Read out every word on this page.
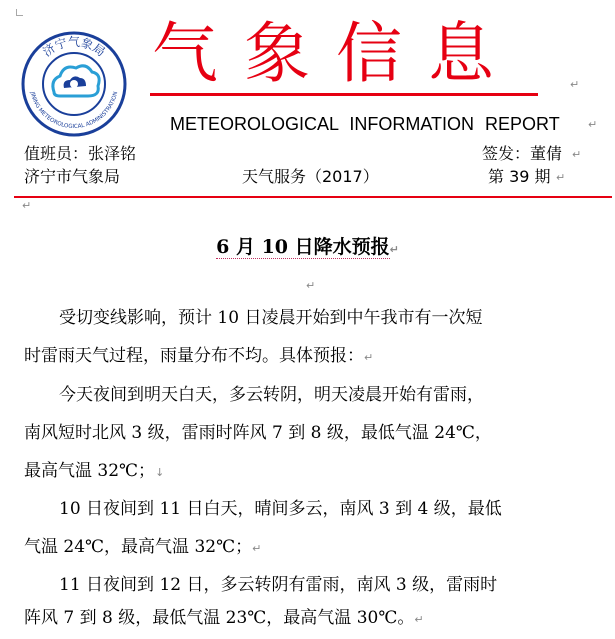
济宁气象局
JINING METEOROLOGICAL ADMINISTRATION
气象信息	↵
METEOROLOGICAL INFORMATION REPORT	↵
值班员：张泽铭	签发：董倩 ↵
济宁市气象局	天气服务（2017）	第 39 期 ↵
↵
6 月 10 日降水预报↵
↵
受切变线影响，预计 10 日凌晨开始到中午我市有一次短
时雷雨天气过程，雨量分布不均。具体预报：↵
今天夜间到明天白天，多云转阴，明天凌晨开始有雷雨，
南风短时北风 3 级，雷雨时阵风 7 到 8 级，最低气温 24℃，
最高气温 32℃；↓
10 日夜间到 11 日白天，晴间多云，南风 3 到 4 级，最低
气温 24℃，最高气温 32℃；↵
11 日夜间到 12 日，多云转阴有雷雨，南风 3 级，雷雨时
阵风 7 到 8 级，最低气温 23℃，最高气温 30℃。↵
